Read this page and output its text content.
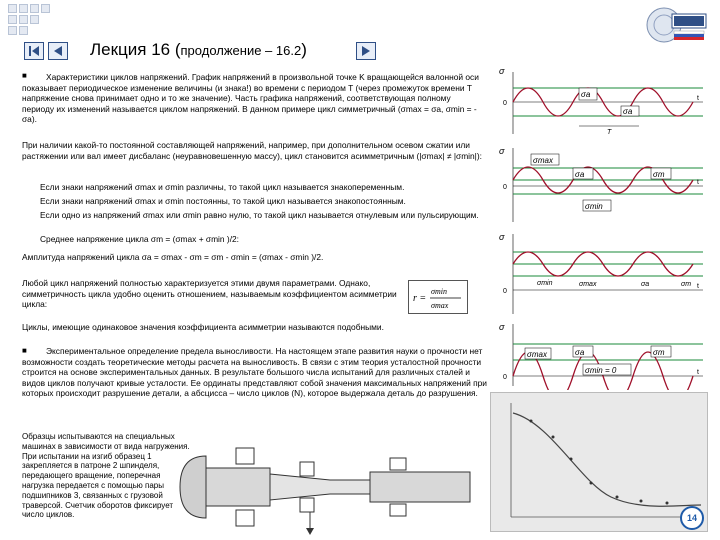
Лекция 16 (продолжение – 16.2)
■	Характеристики циклов напряжений. График напряжений в произвольной точке K вращающейся валонной оси показывает периодическое изменение величины (и знака!) во времени с периодом T (через промежуток времени T напряжение снова принимает одно и то же значение). Часть графика напряжений, соответствующая полному периоду их изменений называется циклом напряжений. В данном примере цикл симметричный (σmax = σa, σmin = - σa).
При наличии какой-то постоянной составляющей напряжений, например, при дополнительном осевом сжатии или растяжении или вал имеет дисбаланс (неуравновешенную массу), цикл становится асимметричным (|σmax| ≠ |σmin|):
Если знаки напряжений σmax и σmin различны, то такой цикл называется знакопеременным.
Если знаки напряжений σmax и σmin постоянны, то такой цикл называется знакопостоянным.
Если одно из напряжений σmax или σmin равно нулю, то такой цикл называется отнулевым или пульсирующим.
Среднее напряжение цикла σm = (σmax + σmin )/2:
Амплитуда напряжений цикла σa = σmax - σm = σm - σmin = (σmax - σmin )/2.
Любой цикл напряжений полностью характеризуется этими двумя параметрами. Однако, симметричность цикла удобно оценить отношением, называемым коэффициентом асимметрии цикла:	r =
σmin
σmax
Циклы, имеющие одинаковое значения коэффициента асимметрии называются подобными.
■	Экспериментальное определение предела выносливости. На настоящем этапе развития науки о прочности нет возможности создать теоретические методы расчета на выносливость. В связи с этим теория усталостной прочности строится на основе экспериментальных данных. В результате большого числа испытаний для различных сталей и видов циклов получают кривые усталости. Ее ординаты представляют собой значения максимальных напряжений при которых происходит разрушение детали, а абсцисса – число циклов (N), которое выдержала деталь до разрушения.
Образцы испытываются на специальных машинах в зависимости от вида нагружения. При испытании на изгиб образец 1 закрепляется в патроне 2 шпинделя, передающего вращение, поперечная нагрузка передается с помощью пары подшипников 3, связанных с грузовой траверсой. Счетчик оборотов фиксирует число циклов.
σ
0
t
σa
σa
T
σ
0
t
σmax
σa	σm
σmin
σ
0
t
σmin	σmax	σa	σm
σ
0
t
σmax	σa	σm
σmin = 0
14
